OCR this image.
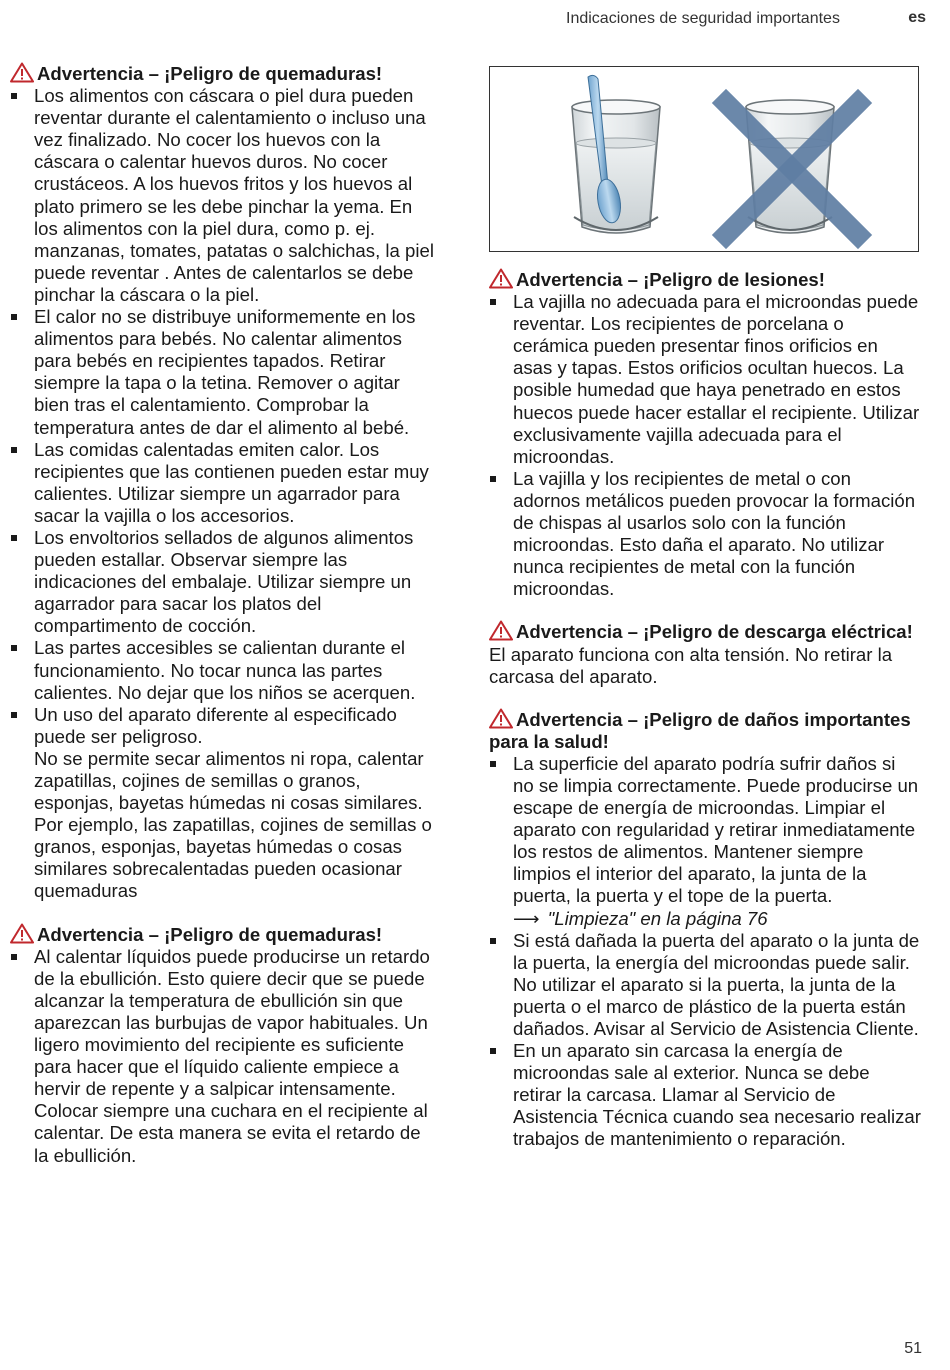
Indicaciones de seguridad importantes	es
Advertencia – ¡Peligro de quemaduras!
Los alimentos con cáscara o piel dura pueden reventar durante el calentamiento o incluso una vez finalizado. No cocer los huevos con la cáscara o calentar huevos duros. No cocer crustáceos. A los huevos fritos y los huevos al plato primero se les debe pinchar la yema. En los alimentos con la piel dura, como p. ej. manzanas, tomates, patatas o salchichas, la piel puede reventar . Antes de calentarlos se debe pinchar la cáscara o la piel.
El calor no se distribuye uniformemente en los alimentos para bebés. No calentar alimentos para bebés en recipientes tapados. Retirar siempre la tapa o la tetina. Remover o agitar bien tras el calentamiento. Comprobar la temperatura antes de dar el alimento al bebé.
Las comidas calentadas emiten calor. Los recipientes que las contienen pueden estar muy calientes. Utilizar siempre un agarrador para sacar la vajilla o los accesorios.
Los envoltorios sellados de algunos alimentos pueden estallar. Observar siempre las indicaciones del embalaje. Utilizar siempre un agarrador para sacar los platos del compartimento de cocción.
Las partes accesibles se calientan durante el funcionamiento. No tocar nunca las partes calientes. No dejar que los niños se acerquen.

Un uso del aparato diferente al especificado puede ser peligroso.

No se permite secar alimentos ni ropa, calentar zapatillas, cojines de semillas o granos, esponjas, bayetas húmedas ni cosas similares.

Por ejemplo, las zapatillas, cojines de semillas o granos, esponjas, bayetas húmedas o cosas similares sobrecalentadas pueden ocasionar quemaduras

Advertencia – ¡Peligro de quemaduras!
Al calentar líquidos puede producirse un retardo de la ebullición. Esto quiere decir que se puede alcanzar la temperatura de ebullición sin que aparezcan las burbujas de vapor habituales. Un ligero movimiento del recipiente es suficiente para hacer que el líquido caliente empiece a hervir de repente y a salpicar intensamente. Colocar siempre una cuchara en el recipiente al calentar. De esta manera se evita el retardo de la ebullición.
Advertencia – ¡Peligro de lesiones!
La vajilla no adecuada para el microondas puede reventar. Los recipientes de porcelana o cerámica pueden presentar finos orificios en asas y tapas. Estos orificios ocultan huecos. La posible humedad que haya penetrado en estos huecos puede hacer estallar el recipiente. Utilizar exclusivamente vajilla adecuada para el microondas.
La vajilla y los recipientes de metal o con adornos metálicos pueden provocar la formación de chispas al usarlos solo con la función microondas. Esto daña el aparato. No utilizar nunca recipientes de metal con la función microondas.
Advertencia – ¡Peligro de descarga eléctrica!

El aparato funciona con alta tensión. No retirar la carcasa del aparato.

Advertencia – ¡Peligro de daños importantes para la salud!
La superficie del aparato podría sufrir daños si no se limpia correctamente. Puede producirse un escape de energía de microondas. Limpiar el aparato con regularidad y retirar inmediatamente los restos de alimentos. Mantener siempre limpios el interior del aparato, la junta de la puerta, la puerta y el tope de la puerta.
⟶ "Limpieza" en la página 76
Si está dañada la puerta del aparato o la junta de la puerta, la energía del microondas puede salir. No utilizar el aparato si la puerta, la junta de la puerta o el marco de plástico de la puerta están dañados. Avisar al Servicio de Asistencia Cliente.
En un aparato sin carcasa la energía de microondas sale al exterior. Nunca se debe retirar la carcasa. Llamar al Servicio de Asistencia Técnica cuando sea necesario realizar trabajos de mantenimiento o reparación.
51
